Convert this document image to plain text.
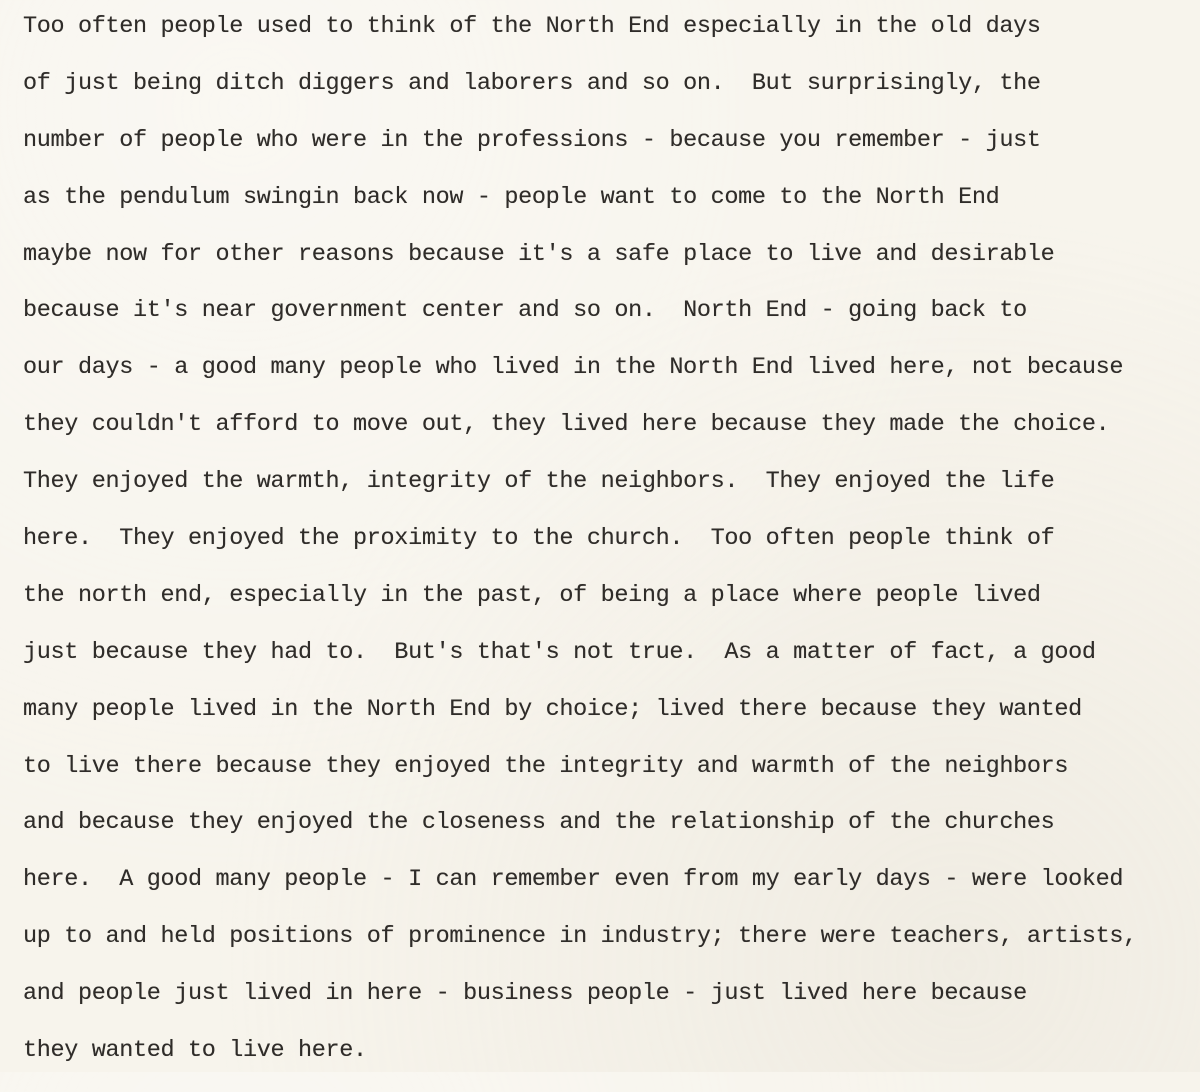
Too often people used to think of the North End especially in the old days
of just being ditch diggers and laborers and so on.  But surprisingly, the
number of people who were in the professions - because you remember - just
as the pendulum swingin back now - people want to come to the North End
maybe now for other reasons because it's a safe place to live and desirable
because it's near government center and so on.  North End - going back to
our days - a good many people who lived in the North End lived here, not because
they couldn't afford to move out, they lived here because they made the choice.
They enjoyed the warmth, integrity of the neighbors.  They enjoyed the life
here.  They enjoyed the proximity to the church.  Too often people think of
the north end, especially in the past, of being a place where people lived
just because they had to.  But's that's not true.  As a matter of fact, a good
many people lived in the North End by choice; lived there because they wanted
to live there because they enjoyed the integrity and warmth of the neighbors
and because they enjoyed the closeness and the relationship of the churches
here.  A good many people - I can remember even from my early days - were looked
up to and held positions of prominence in industry; there were teachers, artists,
and people just lived in here - business people - just lived here because
they wanted to live here.
